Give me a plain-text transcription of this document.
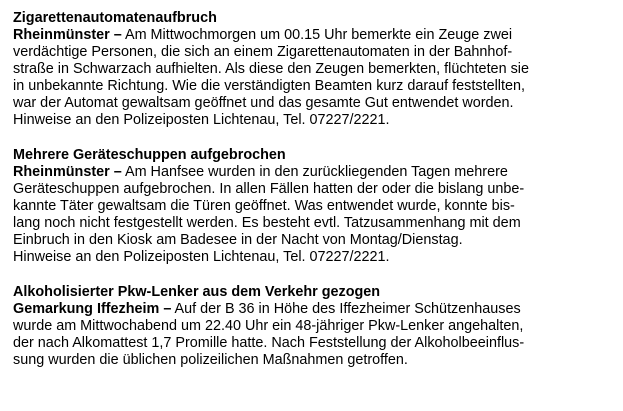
Zigarettenautomatenaufbruch

Rheinmünster – Am Mittwochmorgen um 00.15 Uhr bemerkte ein Zeuge zwei

verdächtige Personen, die sich an einem Zigarettenautomaten in der Bahnhof-

straße in Schwarzach aufhielten. Als diese den Zeugen bemerkten, flüchteten sie

in unbekannte Richtung. Wie die verständigten Beamten kurz darauf feststellten,

war der Automat gewaltsam geöffnet und das gesamte Gut entwendet worden.

Hinweise an den Polizeiposten Lichtenau, Tel. 07227/2221.

Mehrere Geräteschuppen aufgebrochen

Rheinmünster – Am Hanfsee wurden in den zurückliegenden Tagen mehrere

Geräteschuppen aufgebrochen. In allen Fällen hatten der oder die bislang unbe-

kannte Täter gewaltsam die Türen geöffnet. Was entwendet wurde, konnte bis-

lang noch nicht festgestellt werden. Es besteht evtl. Tatzusammenhang mit dem

Einbruch in den Kiosk am Badesee in der Nacht von Montag/Dienstag.

Hinweise an den Polizeiposten Lichtenau, Tel. 07227/2221.

Alkoholisierter Pkw-Lenker aus dem Verkehr gezogen

Gemarkung Iffezheim – Auf der B 36 in Höhe des Iffezheimer Schützenhauses

wurde am Mittwochabend um 22.40 Uhr ein 48-jähriger Pkw-Lenker angehalten,

der nach Alkomattest 1,7 Promille hatte. Nach Feststellung der Alkoholbeeinflus-

sung wurden die üblichen polizeilichen Maßnahmen getroffen.
